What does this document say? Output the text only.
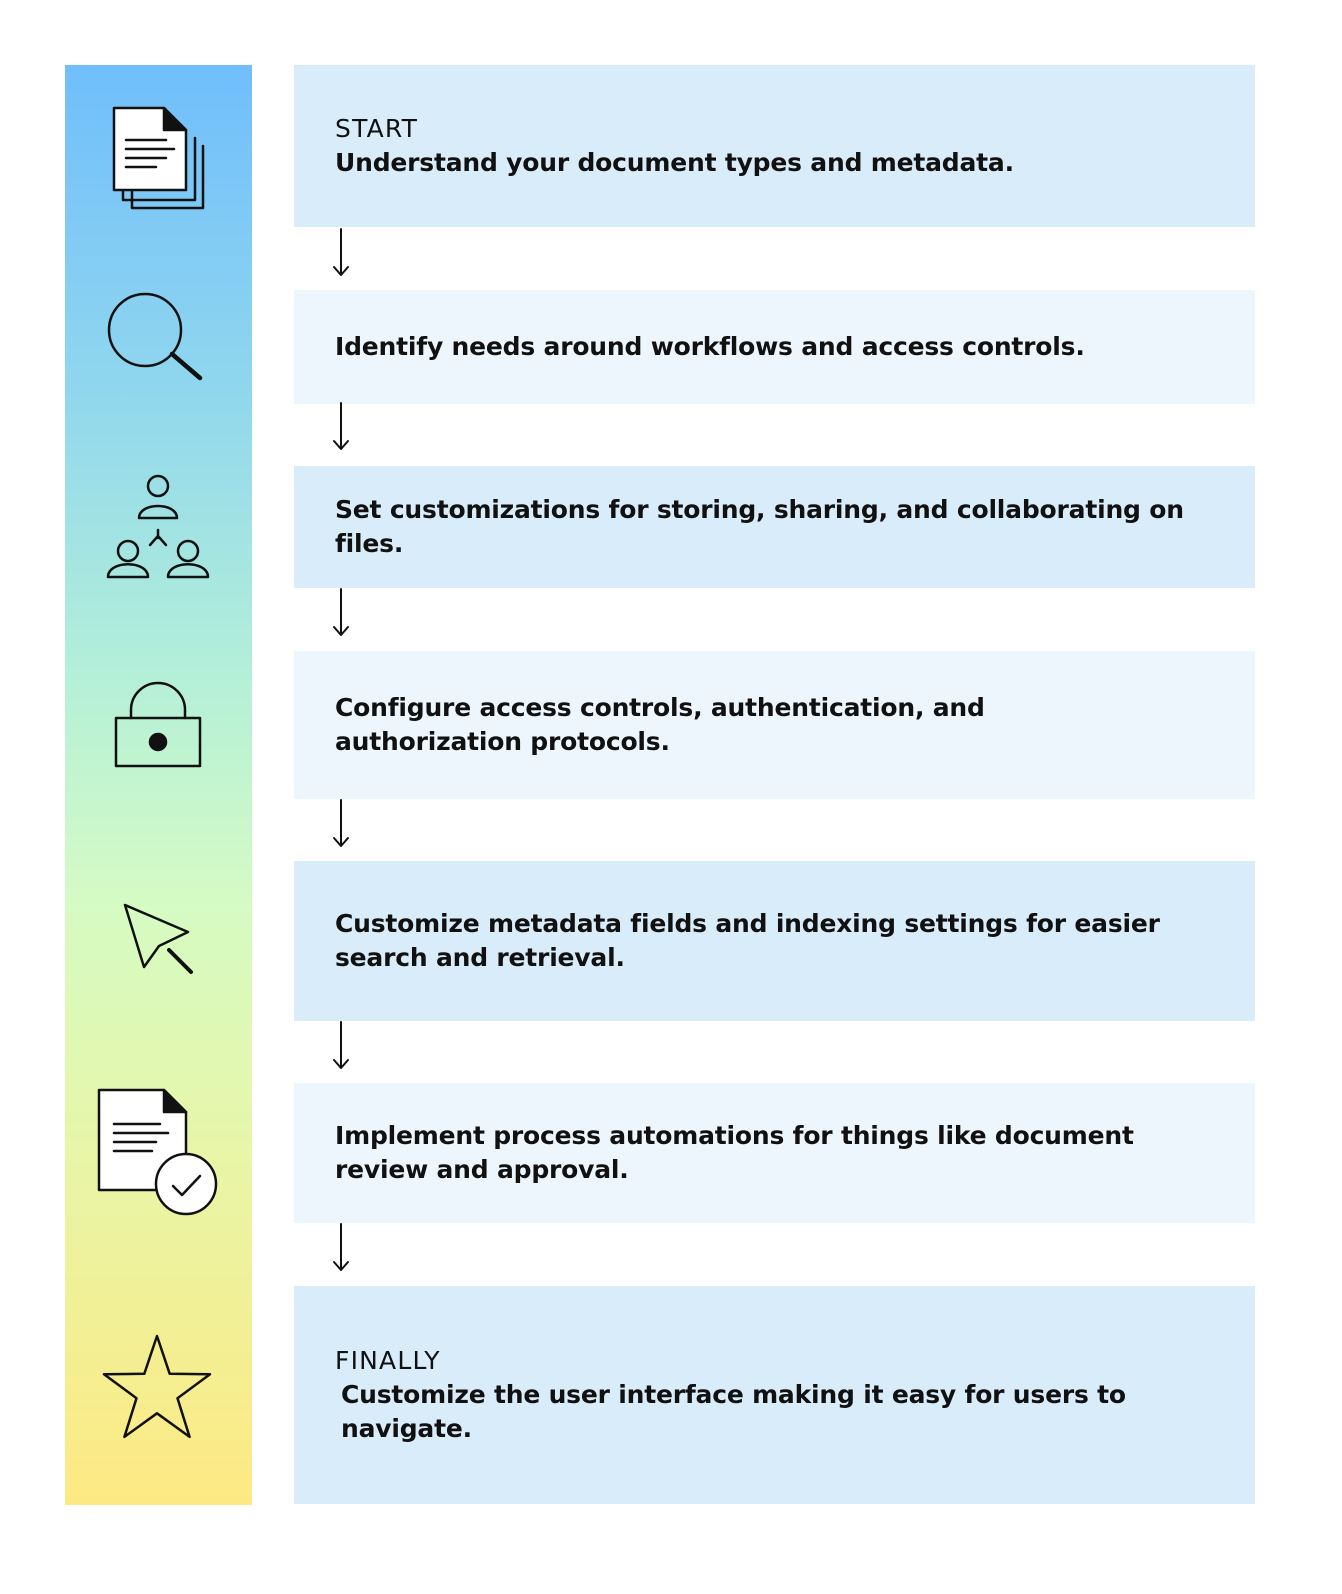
START
Understand your document types and metadata.
Identify needs around workflows and access controls.
Set customizations for storing, sharing, and collaborating on files.
Configure access controls, authentication, and authorization protocols.
Customize metadata fields and indexing settings for easier search and retrieval.
Implement process automations for things like document review and approval.
FINALLY
Customize the user interface making it easy for users to navigate.
